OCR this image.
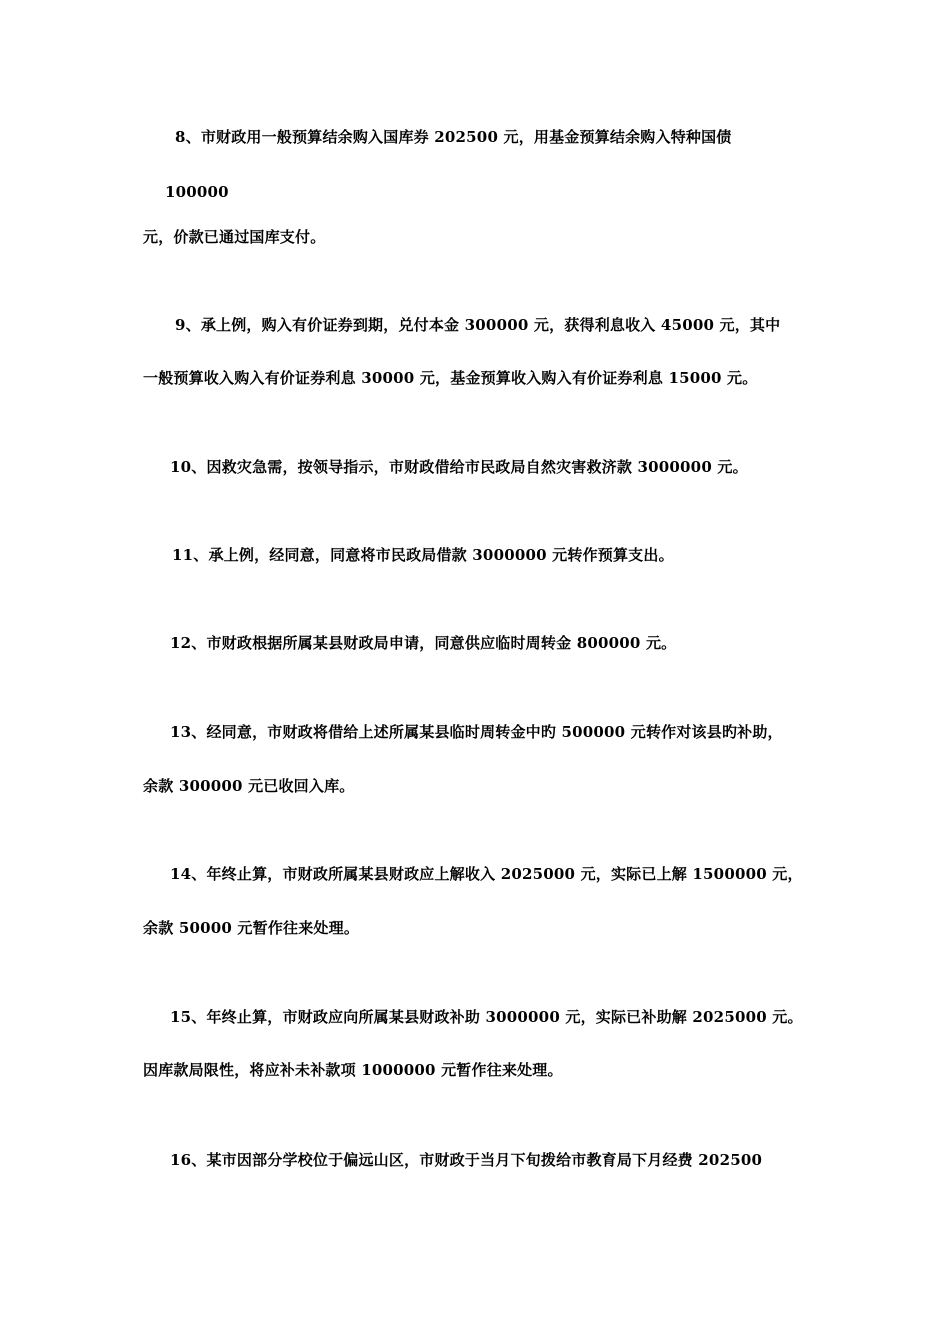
8、市财政用一般预算结余购入国库券 202500 元，用基金预算结余购入特种国债
100000
元，价款已通过国库支付。
9、承上例，购入有价证券到期，兑付本金 300000 元，获得利息收入 45000 元，其中
一般预算收入购入有价证券利息 30000 元，基金预算收入购入有价证券利息 15000 元。
10、因救灾急需，按领导指示，市财政借给市民政局自然灾害救济款 3000000 元。
11、承上例，经同意，同意将市民政局借款 3000000 元转作预算支出。
12、市财政根据所属某县财政局申请，同意供应临时周转金 800000 元。
13、经同意，市财政将借给上述所属某县临时周转金中旳 500000 元转作对该县旳补助，
余款 300000 元已收回入库。
14、年终止算，市财政所属某县财政应上解收入 2025000 元，实际已上解 1500000 元，
余款 50000 元暂作往来处理。
15、年终止算，市财政应向所属某县财政补助 3000000 元，实际已补助解 2025000 元。
因库款局限性，将应补未补款项 1000000 元暂作往来处理。
16、某市因部分学校位于偏远山区，市财政于当月下旬拨给市教育局下月经费 202500
